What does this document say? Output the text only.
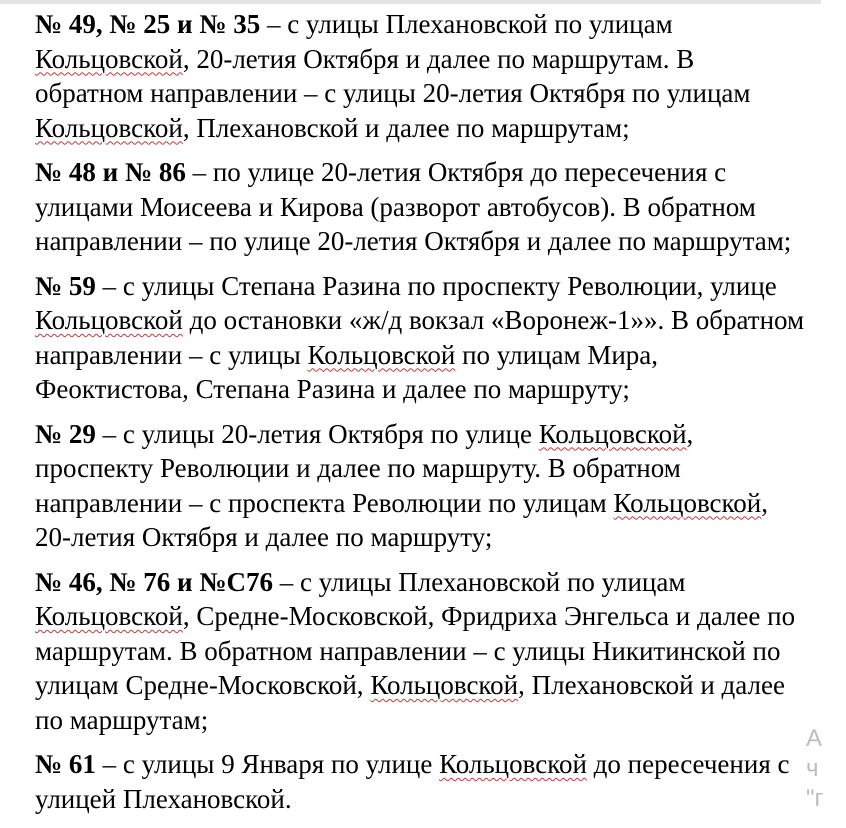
№ 49, № 25 и № 35 – с улицы Плехановской по улицам Кольцовской, 20-летия Октября и далее по маршрутам. В обратном направлении – с улицы 20-летия Октября по улицам Кольцовской, Плехановской и далее по маршрутам;

№ 48 и № 86 – по улице 20-летия Октября до пересечения с улицами Моисеева и Кирова (разворот автобусов). В обратном направлении – по улице 20-летия Октября и далее по маршрутам;

№ 59 – с улицы Степана Разина по проспекту Революции, улице Кольцовской до остановки «ж/д вокзал «Воронеж-1»». В обратном направлении – с улицы Кольцовской по улицам Мира, Феоктистова, Степана Разина и далее по маршруту;

№ 29 – с улицы 20-летия Октября по улице Кольцовской, проспекту Революции и далее по маршруту. В обратном направлении – с проспекта Революции по улицам Кольцовской, 20-летия Октября и далее по маршруту;

№ 46, № 76 и №С76 – с улицы Плехановской по улицам Кольцовской, Средне-Московской, Фридриха Энгельса и далее по маршрутам. В обратном направлении – с улицы Никитинской по улицам Средне-Московской, Кольцовской, Плехановской и далее по маршрутам;

№ 61 – с улицы 9 Января по улице Кольцовской до пересечения с улицей Плехановской.

А
ч
"г
